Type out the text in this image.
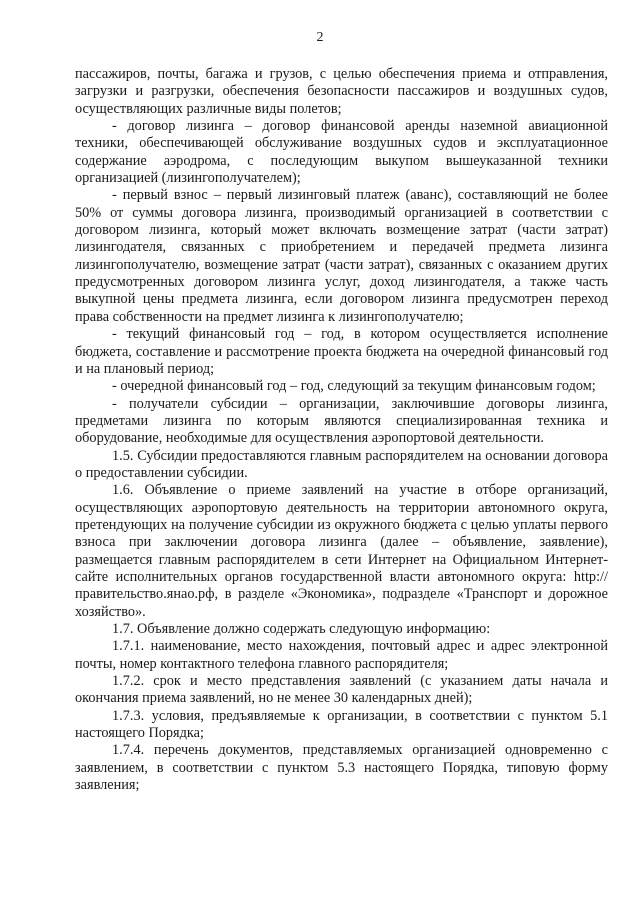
2

пассажиров, почты, багажа и грузов, с целью обеспечения приема и отправления, загрузки и разгрузки, обеспечения безопасности пассажиров и воздушных судов, осуществляющих различные виды полетов;

- договор лизинга – договор финансовой аренды наземной авиационной техники, обеспечивающей обслуживание воздушных судов и эксплуатационное содержание аэродрома, с последующим выкупом вышеуказанной техники организацией (лизингополучателем);

- первый взнос – первый лизинговый платеж (аванс), составляющий не более 50% от суммы договора лизинга, производимый организацией в соответствии с договором лизинга, который может включать возмещение затрат (части затрат) лизингодателя, связанных с приобретением и передачей предмета лизинга лизингополучателю, возмещение затрат (части затрат), связанных с оказанием других предусмотренных договором лизинга услуг, доход лизингодателя, а также часть выкупной цены предмета лизинга, если договором лизинга предусмотрен переход права собственности на предмет лизинга к лизингополучателю;

- текущий финансовый год – год, в котором осуществляется исполнение бюджета, составление и рассмотрение проекта бюджета на очередной финансовый год и на плановый период;

- очередной финансовый год – год, следующий за текущим финансовым годом;

- получатели субсидии – организации, заключившие договоры лизинга, предметами лизинга по которым являются специализированная техника и оборудование, необходимые для осуществления аэропортовой деятельности.

1.5. Субсидии предоставляются главным распорядителем на основании договора о предоставлении субсидии.

1.6. Объявление о приеме заявлений на участие в отборе организаций, осуществляющих аэропортовую деятельность на территории автономного округа, претендующих на получение субсидии из окружного бюджета с целью уплаты первого взноса при заключении договора лизинга (далее – объявление, заявление), размещается главным распорядителем в сети Интернет на Официальном Интернет-сайте исполнительных органов государственной власти автономного округа: http://правительство.янао.рф, в разделе «Экономика», подразделе «Транспорт и дорожное хозяйство».

1.7. Объявление должно содержать следующую информацию:

1.7.1. наименование, место нахождения, почтовый адрес и адрес электронной почты, номер контактного телефона главного распорядителя;

1.7.2. срок и место представления заявлений (с указанием даты начала и окончания приема заявлений, но не менее 30 календарных дней);

1.7.3. условия, предъявляемые к организации, в соответствии с пунктом 5.1 настоящего Порядка;

1.7.4. перечень документов, представляемых организацией одновременно с заявлением, в соответствии с пунктом 5.3 настоящего Порядка, типовую форму заявления;
